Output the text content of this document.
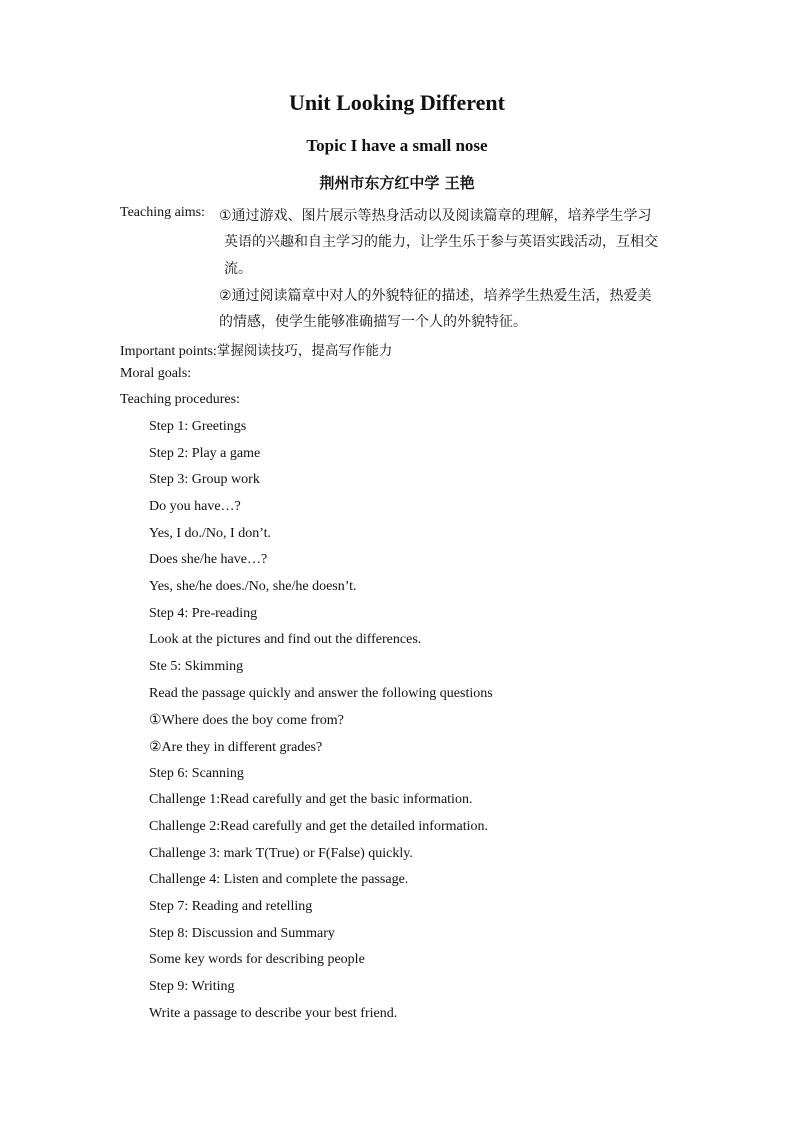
Unit Looking Different
Topic I have a small nose
荆州市东方红中学 王艳
Teaching aims: ①通过游戏、图片展示等热身活动以及阅读篇章的理解，培养学生学习
英语的兴趣和自主学习的能力，让学生乐于参与英语实践活动，互相交
流。
②通过阅读篇章中对人的外貌特征的描述，培养学生热爱生活，热爱美
的情感，使学生能够准确描写一个人的外貌特征。
Important points:掌握阅读技巧，提高写作能力
Moral goals:
Teaching procedures:
Step 1: Greetings
Step 2: Play a game
Step 3: Group work
Do you have…?
Yes, I do./No, I don’t.
Does she/he have…?
Yes, she/he does./No, she/he doesn’t.
Step 4: Pre-reading
Look at the pictures and find out the differences.
Ste 5: Skimming
Read the passage quickly and answer the following questions
①Where does the boy come from?
②Are they in different grades?
Step 6: Scanning
Challenge 1:Read carefully and get the basic information.
Challenge 2:Read carefully and get the detailed information.
Challenge 3: mark T(True) or F(False) quickly.
Challenge 4: Listen and complete the passage.
Step 7: Reading and retelling
Step 8: Discussion and Summary
Some key words for describing people
Step 9: Writing
Write a passage to describe your best friend.
